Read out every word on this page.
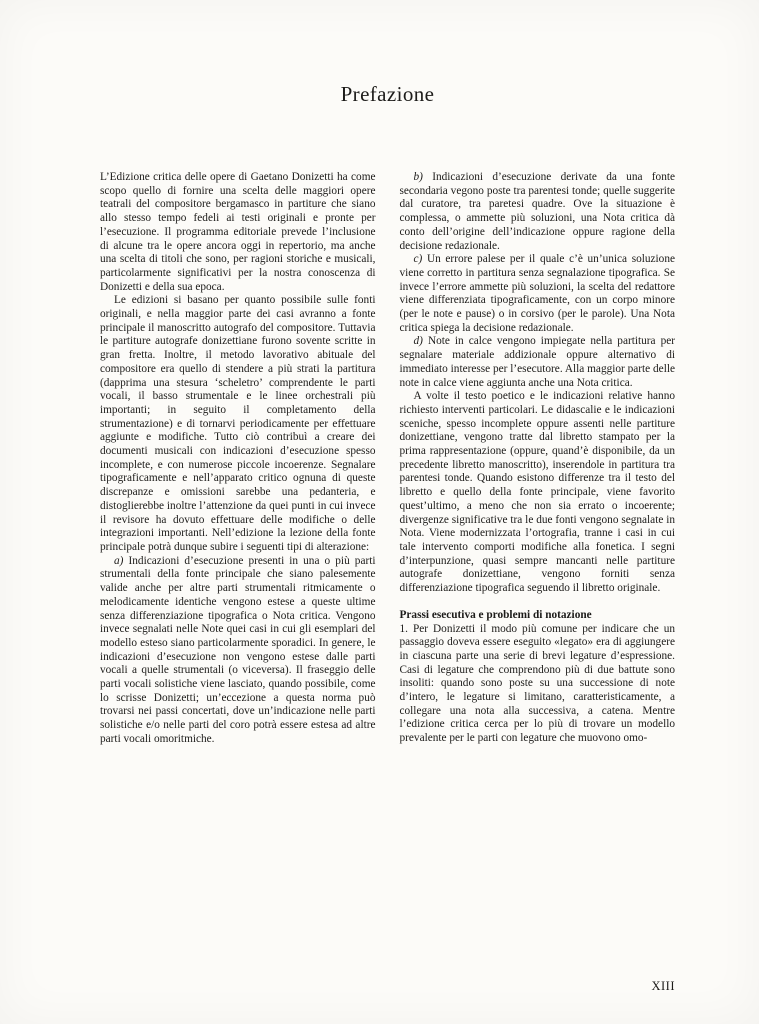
Prefazione

L’Edizione critica delle opere di Gaetano Donizetti ha come scopo quello di fornire una scelta delle maggiori opere teatrali del compositore bergamasco in partiture che siano allo stesso tempo fedeli ai testi originali e pronte per l’esecuzione. Il programma editoriale prevede l’inclusione di alcune tra le opere ancora oggi in repertorio, ma anche una scelta di titoli che sono, per ragioni storiche e musicali, particolarmente significativi per la nostra conoscenza di Donizetti e della sua epoca.

Le edizioni si basano per quanto possibile sulle fonti originali, e nella maggior parte dei casi avranno a fonte principale il manoscritto autografo del compositore. Tuttavia le partiture autografe donizettiane furono sovente scritte in gran fretta. Inoltre, il metodo lavorativo abituale del compositore era quello di stendere a più strati la partitura (dapprima una stesura ‘scheletro’ comprendente le parti vocali, il basso strumentale e le linee orchestrali più importanti; in seguito il completamento della strumentazione) e di tornarvi periodicamente per effettuare aggiunte e modifiche. Tutto ciò contribuì a creare dei documenti musicali con indicazioni d’esecuzione spesso incomplete, e con numerose piccole incoerenze. Segnalare tipograficamente e nell’apparato critico ognuna di queste discrepanze e omissioni sarebbe una pedanteria, e distoglierebbe inoltre l’attenzione da quei punti in cui invece il revisore ha dovuto effettuare delle modifiche o delle integrazioni importanti. Nell’edizione la lezione della fonte principale potrà dunque subire i seguenti tipi di alterazione:

a) Indicazioni d’esecuzione presenti in una o più parti strumentali della fonte principale che siano palesemente valide anche per altre parti strumentali ritmicamente o melodicamente identiche vengono estese a queste ultime senza differenziazione tipografica o Nota critica. Vengono invece segnalati nelle Note quei casi in cui gli esemplari del modello esteso siano particolarmente sporadici. In genere, le indicazioni d’esecuzione non vengono estese dalle parti vocali a quelle strumentali (o viceversa). Il fraseggio delle parti vocali solistiche viene lasciato, quando possibile, come lo scrisse Donizetti; un’eccezione a questa norma può trovarsi nei passi concertati, dove un’indicazione nelle parti solistiche e/o nelle parti del coro potrà essere estesa ad altre parti vocali omoritmiche.

b) Indicazioni d’esecuzione derivate da una fonte secondaria vegono poste tra parentesi tonde; quelle suggerite dal curatore, tra paretesi quadre. Ove la situazione è complessa, o ammette più soluzioni, una Nota critica dà conto dell’origine dell’indicazione oppure ragione della decisione redazionale.

c) Un errore palese per il quale c’è un’unica soluzione viene corretto in partitura senza segnalazione tipografica. Se invece l’errore ammette più soluzioni, la scelta del redattore viene differenziata tipograficamente, con un corpo minore (per le note e pause) o in corsivo (per le parole). Una Nota critica spiega la decisione redazionale.

d) Note in calce vengono impiegate nella partitura per segnalare materiale addizionale oppure alternativo di immediato interesse per l’esecutore. Alla maggior parte delle note in calce viene aggiunta anche una Nota critica.

A volte il testo poetico e le indicazioni relative hanno richiesto interventi particolari. Le didascalie e le indicazioni sceniche, spesso incomplete oppure assenti nelle partiture donizettiane, vengono tratte dal libretto stampato per la prima rappresentazione (oppure, quand’è disponibile, da un precedente libretto manoscritto), inserendole in partitura tra parentesi tonde. Quando esistono differenze tra il testo del libretto e quello della fonte principale, viene favorito quest’ultimo, a meno che non sia errato o incoerente; divergenze significative tra le due fonti vengono segnalate in Nota. Viene modernizzata l’ortografia, tranne i casi in cui tale intervento comporti modifiche alla fonetica. I segni d’interpunzione, quasi sempre mancanti nelle partiture autografe donizettiane, vengono forniti senza differenziazione tipografica seguendo il libretto originale.

Prassi esecutiva e problemi di notazione

1. Per Donizetti il modo più comune per indicare che un passaggio doveva essere eseguito «legato» era di aggiungere in ciascuna parte una serie di brevi legature d’espressione. Casi di legature che comprendono più di due battute sono insoliti: quando sono poste su una successione di note d’intero, le legature si limitano, caratteristicamente, a collegare una nota alla successiva, a catena. Mentre l’edizione critica cerca per lo più di trovare un modello prevalente per le parti con legature che muovono omo-

XIII
